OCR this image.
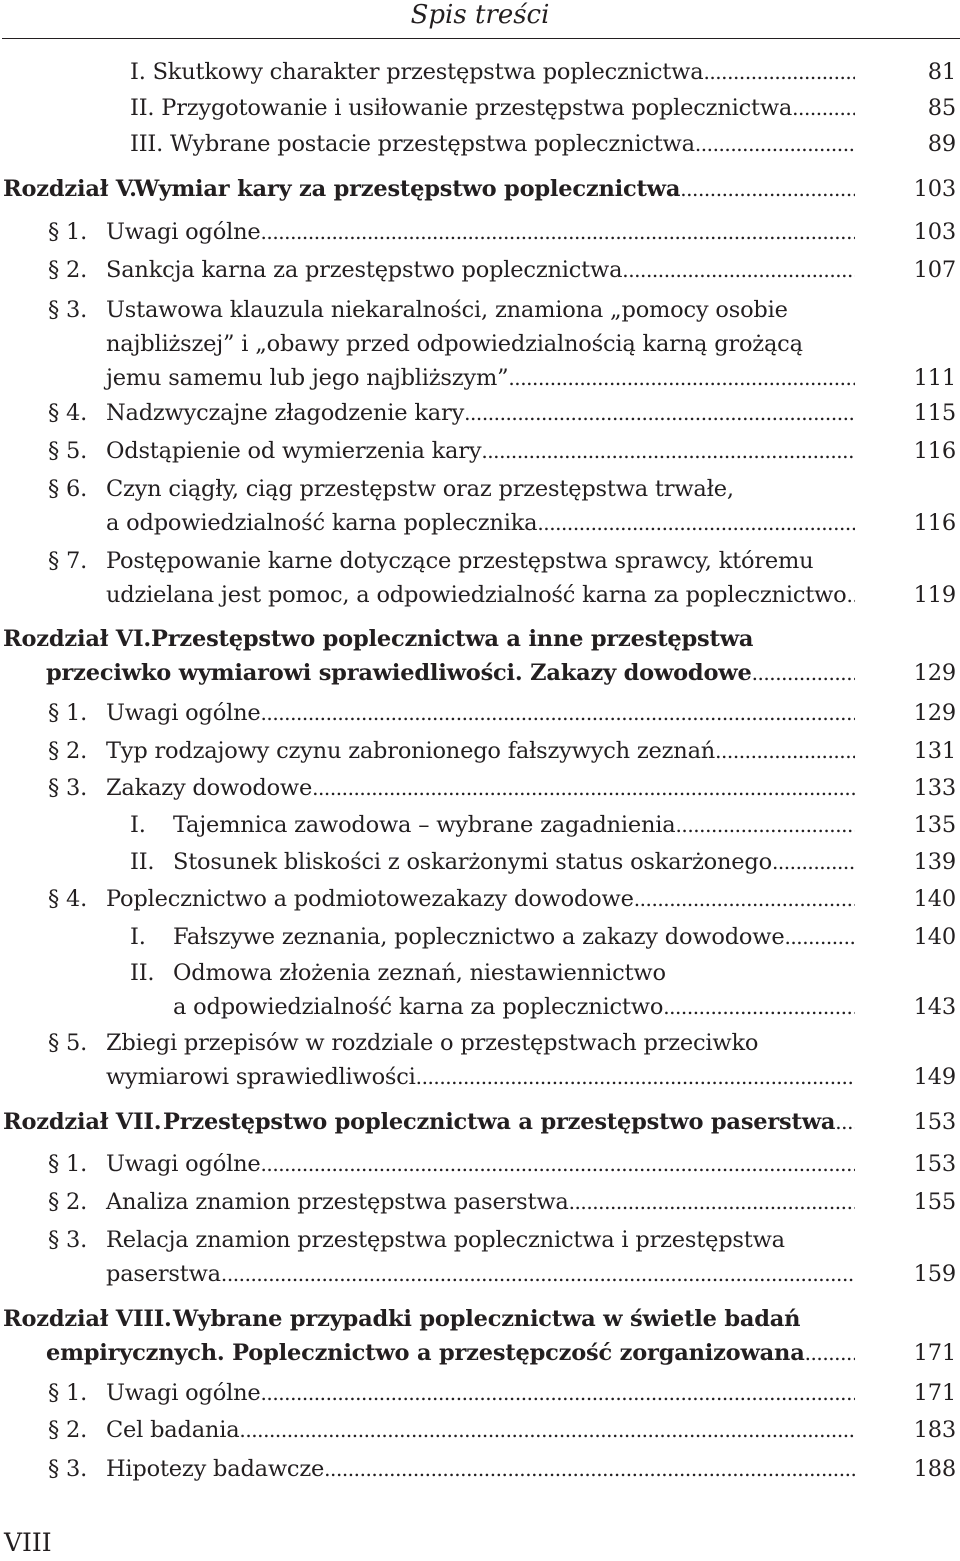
Spis treści
I. Skutkowy charakter przestępstwa poplecznictwa . . .	81
II. Przygotowanie i usiłowanie przestępstwa poplecznictwa . . .	85
III. Wybrane postacie przestępstwa poplecznictwa . . .	89
Rozdział V.
Wymiar kary za przestępstwo poplecznictwa . . .	103
§ 1. Uwagi ogólne . . .	103
§ 2. Sankcja karna za przestępstwo poplecznictwa . . .	107
§ 3. Ustawowa klauzula niekaralności, znamiona „pomocy osobie
najbliższej” i „obawy przed odpowiedzialnością karną grożącą
jemu samemu lub jego najbliższym” . . .	111
§ 4. Nadzwyczajne złagodzenie kary . . .	115
§ 5. Odstąpienie od wymierzenia kary . . .	116
§ 6. Czyn ciągły, ciąg przestępstw oraz przestępstwa trwałe,
a odpowiedzialność karna poplecznika . . .	116
§ 7. Postępowanie karne dotyczące przestępstwa sprawcy, któremu
udzielana jest pomoc, a odpowiedzialność karna za poplecznictwo . . .	119
Rozdział VI. Przestępstwo poplecznictwa a inne przestępstwa
przeciwko wymiarowi sprawiedliwości. Zakazy dowodowe . . .	129
§ 1. Uwagi ogólne . . .	129
§ 2. Typ rodzajowy czynu zabronionego fałszywych zeznań . . .	131
§ 3. Zakazy dowodowe . . .	133
I. Tajemnica zawodowa – wybrane zagadnienia . . .	135
II. Stosunek bliskości z oskarżonymi status oskarżonego . . .	139
§ 4. Poplecznictwo a podmiotowezakazy dowodowe . . .	140
I. Fałszywe zeznania, poplecznictwo a zakazy dowodowe . . .	140
II. Odmowa złożenia zeznań, niestawiennictwo
a odpowiedzialność karna za poplecznictwo . . .	143
§ 5. Zbiegi przepisów w rozdziale o przestępstwach przeciwko
wymiarowi sprawiedliwości . . .	149
Rozdział VII. Przestępstwo poplecznictwa a przestępstwo paserstwa . . .	153
§ 1. Uwagi ogólne . . .	153
§ 2. Analiza znamion przestępstwa paserstwa . . .	155
§ 3. Relacja znamion przestępstwa poplecznictwa i przestępstwa
paserstwa . . .	159
Rozdział VIII. Wybrane przypadki poplecznictwa w świetle badań
empirycznych. Poplecznictwo a przestępczość zorganizowana . . .	171
§ 1. Uwagi ogólne . . .	171
§ 2. Cel badania . . .	183
§ 3. Hipotezy badawcze . . .	188
VIII
